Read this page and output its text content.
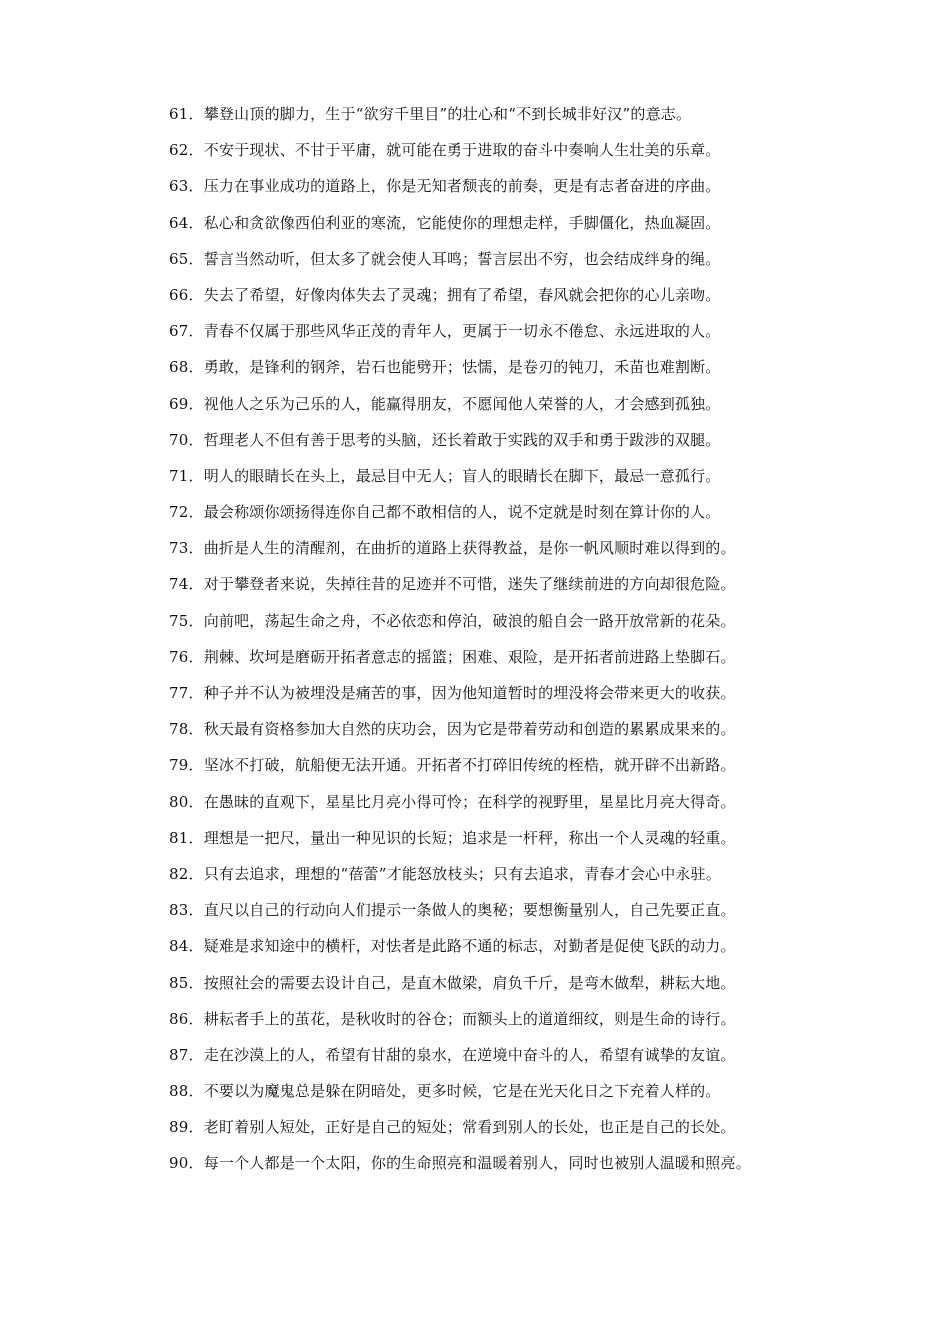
61．攀登山顶的脚力，生于“欲穷千里目”的壮心和“不到长城非好汉”的意志。
62．不安于现状、不甘于平庸，就可能在勇于进取的奋斗中奏响人生壮美的乐章。
63．压力在事业成功的道路上，你是无知者颓丧的前奏，更是有志者奋进的序曲。
64．私心和贪欲像西伯利亚的寒流，它能使你的理想走样，手脚僵化，热血凝固。
65．誓言当然动听，但太多了就会使人耳鸣；誓言层出不穷，也会结成绊身的绳。
66．失去了希望，好像肉体失去了灵魂；拥有了希望，春风就会把你的心儿亲吻。
67．青春不仅属于那些风华正茂的青年人，更属于一切永不倦怠、永远进取的人。
68．勇敢，是锋利的钢斧，岩石也能劈开；怯懦，是卷刃的钝刀，禾苗也难割断。
69．视他人之乐为己乐的人，能赢得朋友，不愿闻他人荣誉的人，才会感到孤独。
70．哲理老人不但有善于思考的头脑，还长着敢于实践的双手和勇于跋涉的双腿。
71．明人的眼睛长在头上，最忌目中无人；盲人的眼睛长在脚下，最忌一意孤行。
72．最会称颂你颂扬得连你自己都不敢相信的人，说不定就是时刻在算计你的人。
73．曲折是人生的清醒剂，在曲折的道路上获得教益，是你一帆风顺时难以得到的。
74．对于攀登者来说，失掉往昔的足迹并不可惜，迷失了继续前进的方向却很危险。
75．向前吧，荡起生命之舟，不必依恋和停泊，破浪的船自会一路开放常新的花朵。
76．荆棘、坎坷是磨砺开拓者意志的摇篮；困难、艰险，是开拓者前进路上垫脚石。
77．种子并不认为被埋没是痛苦的事，因为他知道暂时的埋没将会带来更大的收获。
78．秋天最有资格参加大自然的庆功会，因为它是带着劳动和创造的累累成果来的。
79．坚冰不打破，航船便无法开通。开拓者不打碎旧传统的桎梏，就开辟不出新路。
80．在愚昧的直观下，星星比月亮小得可怜；在科学的视野里，星星比月亮大得奇。
81．理想是一把尺，量出一种见识的长短；追求是一杆秤，称出一个人灵魂的轻重。
82．只有去追求，理想的“蓓蕾”才能怒放枝头；只有去追求，青春才会心中永驻。
83．直尺以自己的行动向人们提示一条做人的奥秘；要想衡量别人，自己先要正直。
84．疑难是求知途中的横杆，对怯者是此路不通的标志，对勤者是促使飞跃的动力。
85．按照社会的需要去设计自己，是直木做梁，肩负千斤，是弯木做犁，耕耘大地。
86．耕耘者手上的茧花，是秋收时的谷仓；而额头上的道道细纹，则是生命的诗行。
87．走在沙漠上的人，希望有甘甜的泉水，在逆境中奋斗的人，希望有诚挚的友谊。
88．不要以为魔鬼总是躲在阴暗处，更多时候，它是在光天化日之下充着人样的。
89．老盯着别人短处，正好是自己的短处；常看到别人的长处，也正是自己的长处。
90．每一个人都是一个太阳，你的生命照亮和温暖着别人，同时也被别人温暖和照亮。
